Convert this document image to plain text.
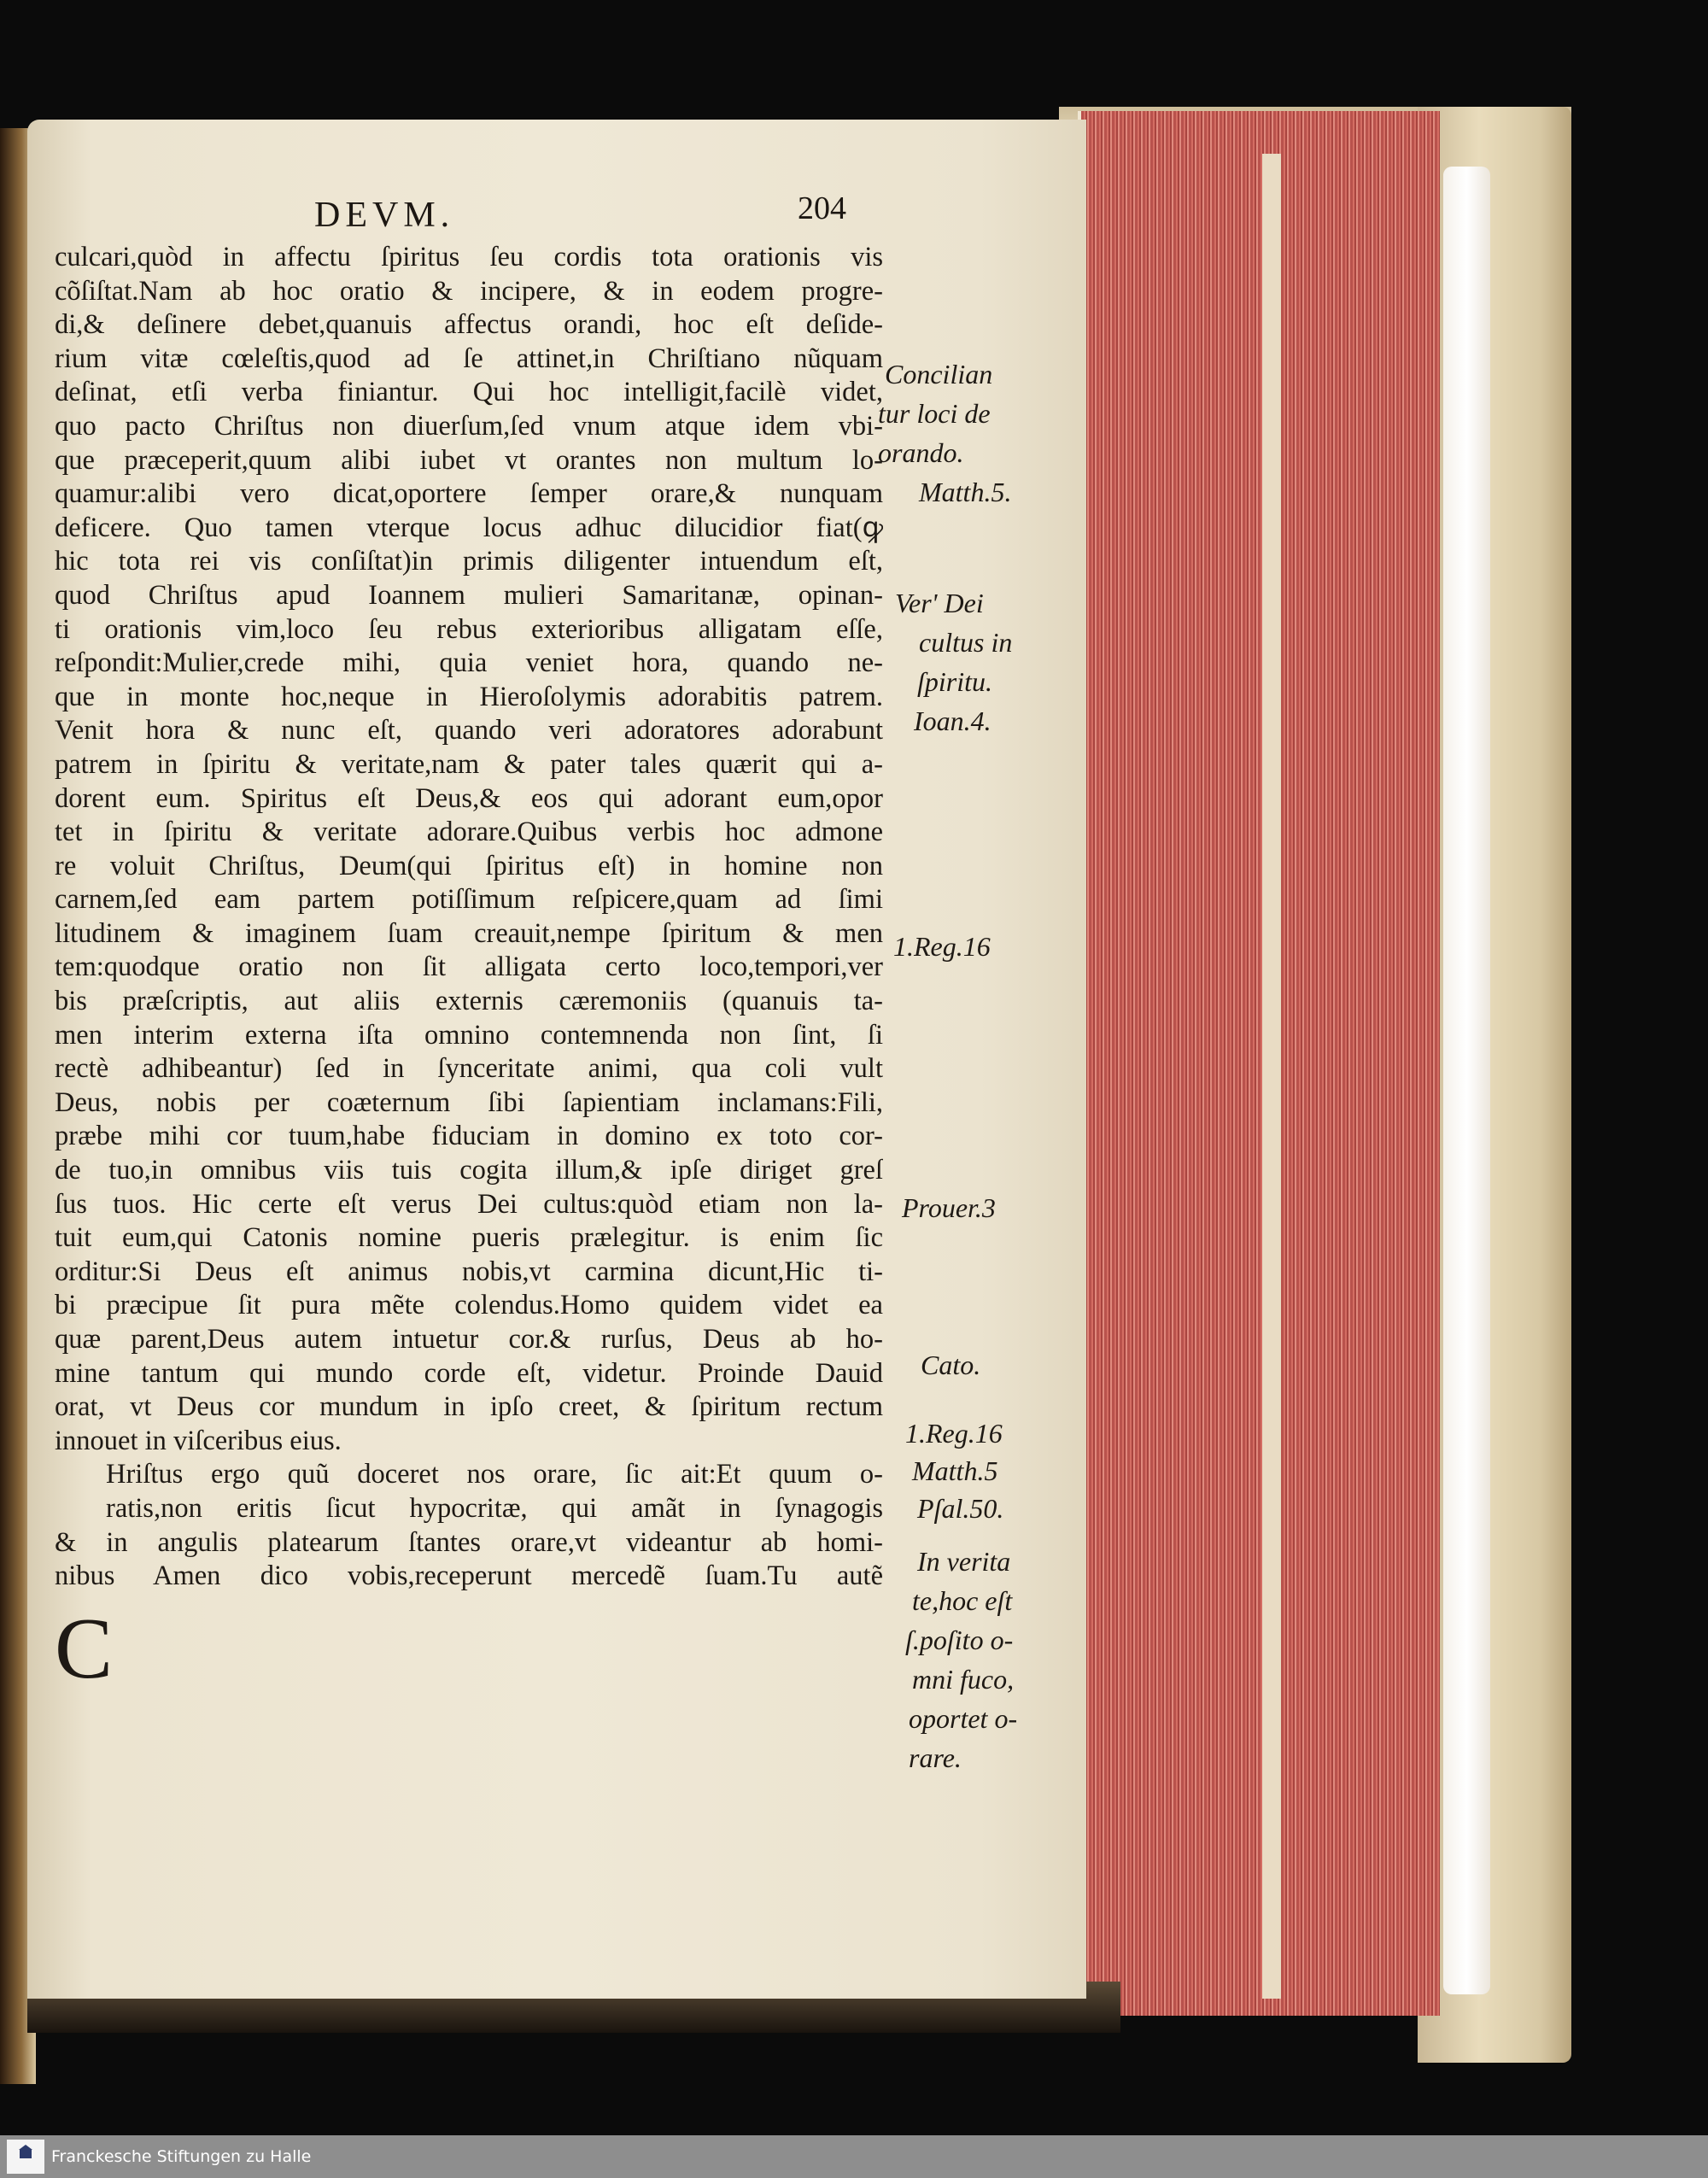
DEVM.	204
culcari,quòd in affectu ſpiritus ſeu cordis tota orationis vis
cõſiſtat.Nam ab hoc oratio & incipere, & in eodem progre-
di,& deſinere debet,quanuis affectus orandi, hoc eſt deſide-
rium vitæ cœleſtis,quod ad ſe attinet,in Chriſtiano nũquam
deſinat, etſi verba finiantur. Qui hoc intelligit,facilè videt,
quo pacto Chriſtus non diuerſum,ſed vnum atque idem vbi-
que præceperit,quum alibi iubet vt orantes non multum lo-
quamur:alibi vero dicat,oportere ſemper orare,& nunquam
deficere. Quo tamen vterque locus adhuc dilucidior fiat(ꝙ
hic tota rei vis conſiſtat)in primis diligenter intuendum eſt,
quod Chriſtus apud Ioannem mulieri Samaritanæ, opinan-
ti orationis vim,loco ſeu rebus exterioribus alligatam eſſe,
reſpondit:Mulier,crede mihi, quia veniet hora, quando ne-
que in monte hoc,neque in Hieroſolymis adorabitis patrem.
Venit hora & nunc eſt, quando veri adoratores adorabunt
patrem in ſpiritu & veritate,nam & pater tales quærit qui a-
dorent eum. Spiritus eſt Deus,& eos qui adorant eum,opor
tet in ſpiritu & veritate adorare.Quibus verbis hoc admone
re voluit Chriſtus, Deum(qui ſpiritus eſt) in homine non
carnem,ſed eam partem potiſſimum reſpicere,quam ad ſimi
litudinem & imaginem ſuam creauit,nempe ſpiritum & men
tem:quodque oratio non ſit alligata certo loco,tempori,ver
bis præſcriptis, aut aliis externis cæremoniis (quanuis ta-
men interim externa iſta omnino contemnenda non ſint, ſi
rectè adhibeantur) ſed in ſynceritate animi, qua coli vult
Deus, nobis per coæternum ſibi ſapientiam inclamans:Fili,
præbe mihi cor tuum,habe fiduciam in domino ex toto cor-
de tuo,in omnibus viis tuis cogita illum,& ipſe diriget greſ
ſus tuos. Hic certe eſt verus Dei cultus:quòd etiam non la-
tuit eum,qui Catonis nomine pueris prælegitur. is enim ſic
orditur:Si Deus eſt animus nobis,vt carmina dicunt,Hic ti-
bi præcipue ſit pura mẽte colendus.Homo quidem videt ea
quæ parent,Deus autem intuetur cor.& rurſus, Deus ab ho-
mine tantum qui mundo corde eſt, videtur. Proinde Dauid
orat, vt Deus cor mundum in ipſo creet, & ſpiritum rectum
innouet in viſceribus eius.
Hriſtus ergo quũ doceret nos orare, ſic ait:Et quum o-
ratis,non eritis ſicut hypocritæ, qui amãt in ſynagogis
& in angulis platearum ſtantes orare,vt videantur ab homi-
nibus Amen dico vobis,receperunt mercedẽ ſuam.Tu autẽ
C
Concilian
tur loci de
orando.
Matth.5.
Ver' Dei
cultus in
ſpiritu.
Ioan.4.
1.Reg.16
Prouer.3
Cato.
1.Reg.16
Matth.5
Pſal.50.
In verita
te,hoc eſt
ſ.poſito o-
mni fuco,
oportet o-
rare.
Franckesche Stiftungen zu Halle
